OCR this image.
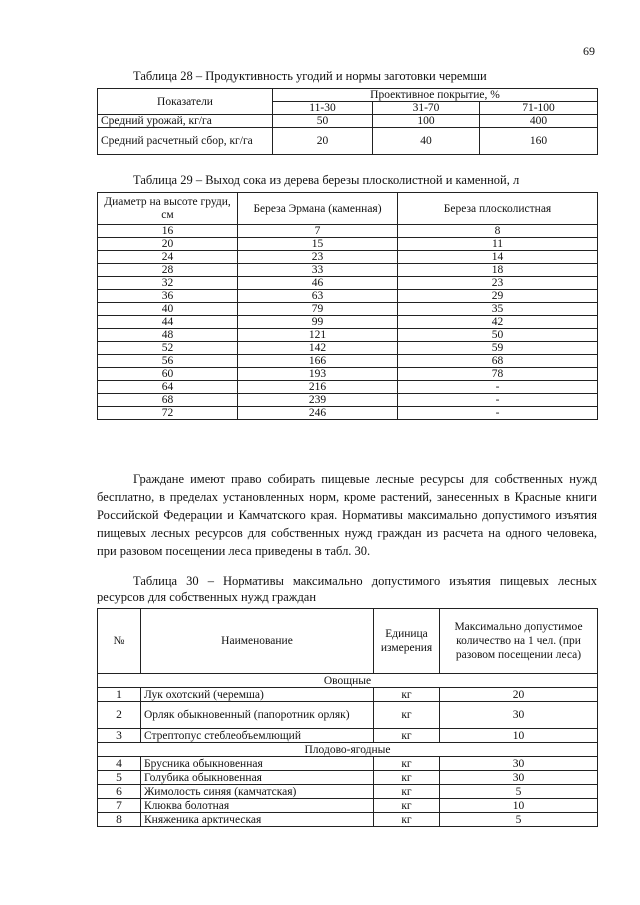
69
Таблица 28 – Продуктивность угодий и нормы заготовки черемши
Показатели	Проективное покрытие, %		
	11-30	31-70	71-100
Средний урожай, кг/га	50	100	400
Средний расчетный сбор, кг/га	20	40	160
Таблица 29 – Выход сока из дерева березы плосколистной и каменной, л
Диаметр на высоте груди, см	Береза Эрмана (каменная)	Береза плосколистная
16	7	8
20	15	11
24	23	14
28	33	18
32	46	23
36	63	29
40	79	35
44	99	42
48	121	50
52	142	59
56	166	68
60	193	78
64	216	-
68	239	-
72	246	-

Граждане имеют право собирать пищевые лесные ресурсы для собственных нужд бесплатно, в пределах установленных норм, кроме растений, занесенных в Красные книги Российской Федерации и Камчатского края. Нормативы максимально допустимого изъятия пищевых лесных ресурсов для собственных нужд граждан из расчета на одного человека, при разовом посещении леса приведены в табл. 30.

Таблица 30 – Нормативы максимально допустимого изъятия пищевых лесных ресурсов для собственных нужд граждан
№	Наименование	Единица измерения	Максимально допустимое количество на 1 чел. (при разовом посещении леса)
Овощные			
1	Лук охотский (черемша)	кг	20
2	Орляк обыкновенный (папоротник орляк)	кг	30
3	Стрептопус стеблеобъемлющий	кг	10
Плодово-ягодные			
4	Брусника обыкновенная	кг	30
5	Голубика обыкновенная	кг	30
6	Жимолость синяя (камчатская)	кг	5
7	Клюква болотная	кг	10
8	Княженика арктическая	кг	5
